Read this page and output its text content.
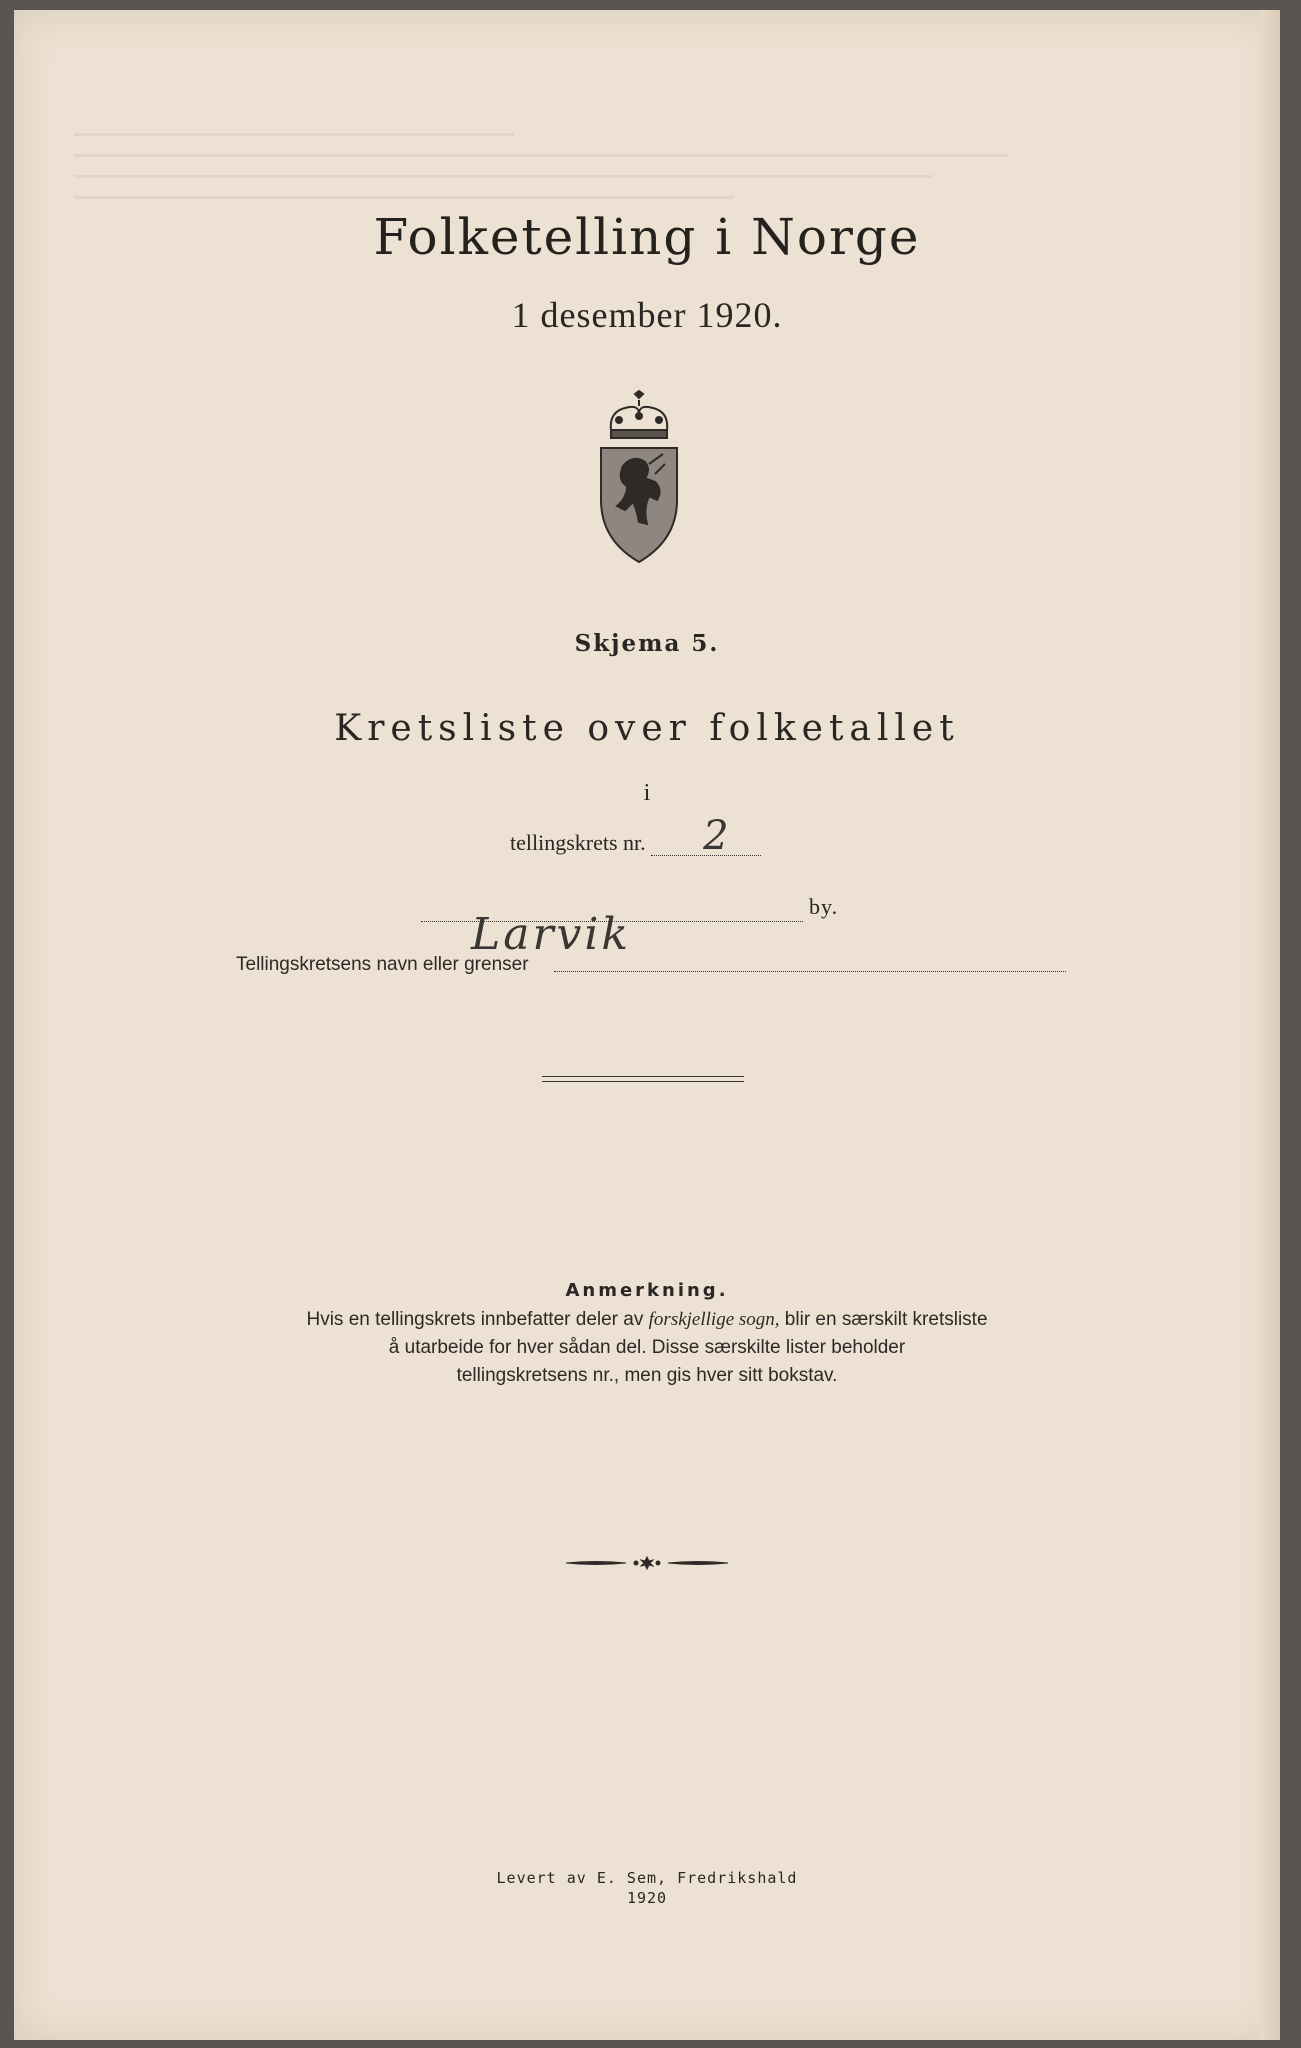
Folketelling i Norge
1 desember 1920.
Skjema 5.
Kretsliste over folketallet
i
tellingskrets nr. 2
Larvik
by.
Tellingskretsens navn eller grenser
Anmerkning.
Hvis en tellingskrets innbefatter deler av forskjellige sogn, blir en særskilt kretsliste
å utarbeide for hver sådan del. Disse særskilte lister beholder
tellingskretsens nr., men gis hver sitt bokstav.
Levert av E. Sem, Fredrikshald
1920
